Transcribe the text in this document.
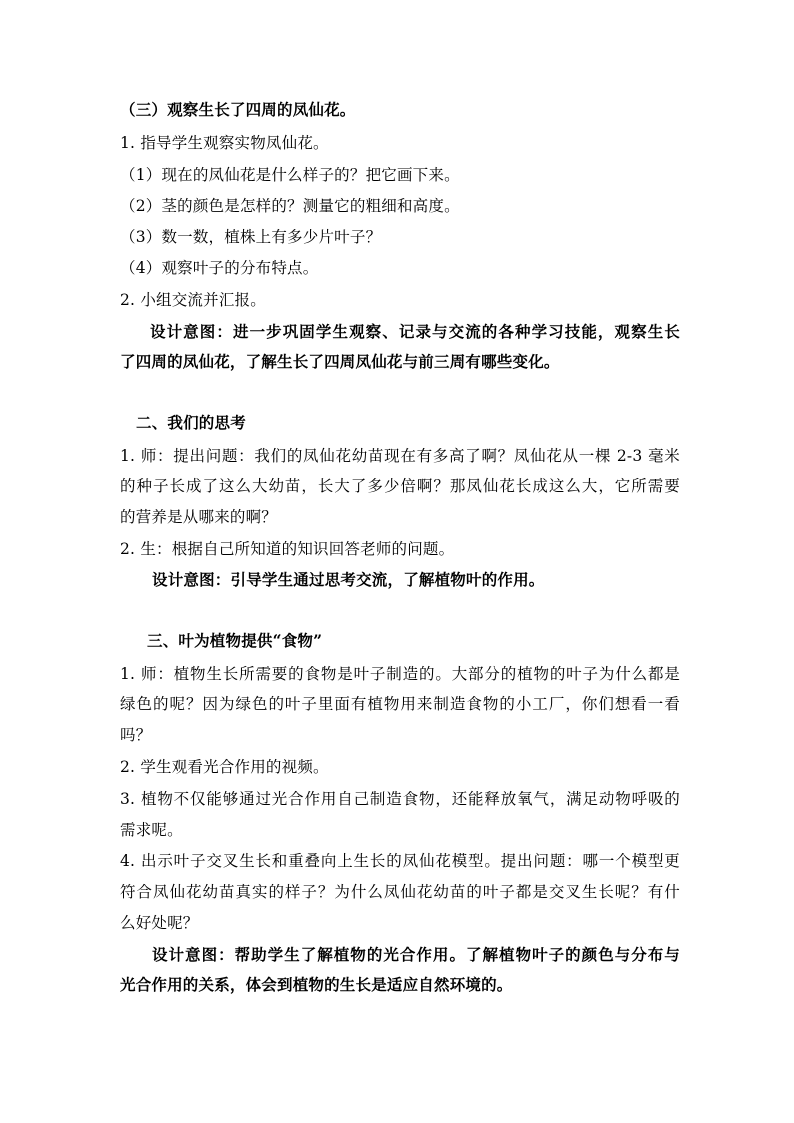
（三）观察生长了四周的凤仙花。
1. 指导学生观察实物凤仙花。
（1）现在的凤仙花是什么样子的？把它画下来。
（2）茎的颜色是怎样的？测量它的粗细和高度。
（3）数一数，植株上有多少片叶子？
（4）观察叶子的分布特点。
2. 小组交流并汇报。
设计意图：进一步巩固学生观察、记录与交流的各种学习技能，观察生长
了四周的凤仙花，了解生长了四周凤仙花与前三周有哪些变化。
二、我们的思考
1. 师：提出问题：我们的凤仙花幼苗现在有多高了啊？凤仙花从一棵 2-3 毫米
的种子长成了这么大幼苗，长大了多少倍啊？那凤仙花长成这么大，它所需要
的营养是从哪来的啊？
2. 生：根据自己所知道的知识回答老师的问题。
设计意图：引导学生通过思考交流，了解植物叶的作用。
三、叶为植物提供“食物”
1. 师：植物生长所需要的食物是叶子制造的。大部分的植物的叶子为什么都是
绿色的呢？因为绿色的叶子里面有植物用来制造食物的小工厂，你们想看一看
吗？
2. 学生观看光合作用的视频。
3. 植物不仅能够通过光合作用自己制造食物，还能释放氧气，满足动物呼吸的
需求呢。
4. 出示叶子交叉生长和重叠向上生长的凤仙花模型。提出问题：哪一个模型更
符合凤仙花幼苗真实的样子？为什么凤仙花幼苗的叶子都是交叉生长呢？有什
么好处呢？
设计意图：帮助学生了解植物的光合作用。了解植物叶子的颜色与分布与
光合作用的关系，体会到植物的生长是适应自然环境的。
